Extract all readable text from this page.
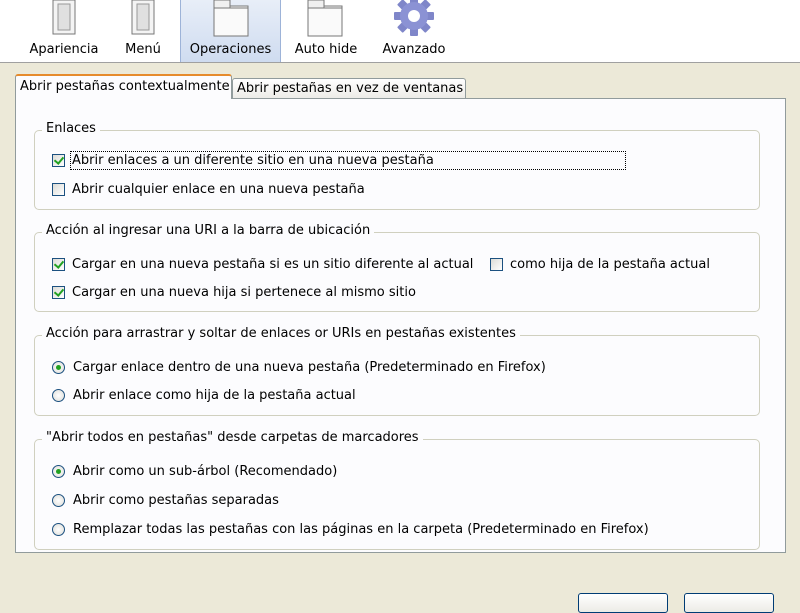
Apariencia Menú Operaciones Auto hide Avanzado
Abrir pestañas contextualmente Abrir pestañas en vez de ventanas
Enlaces
Abrir enlaces a un diferente sitio en una nueva pestaña
Abrir cualquier enlace en una nueva pestaña
Acción al ingresar una URI a la barra de ubicación
Cargar en una nueva pestaña si es un sitio diferente al actual	como hija de la pestaña actual
Cargar en una nueva hija si pertenece al mismo sitio
Acción para arrastrar y soltar de enlaces or URIs en pestañas existentes
Cargar enlace dentro de una nueva pestaña (Predeterminado en Firefox)
Abrir enlace como hija de la pestaña actual
"Abrir todos en pestañas" desde carpetas de marcadores
Abrir como un sub-árbol (Recomendado)
Abrir como pestañas separadas
Remplazar todas las pestañas con las páginas en la carpeta (Predeterminado en Firefox)
